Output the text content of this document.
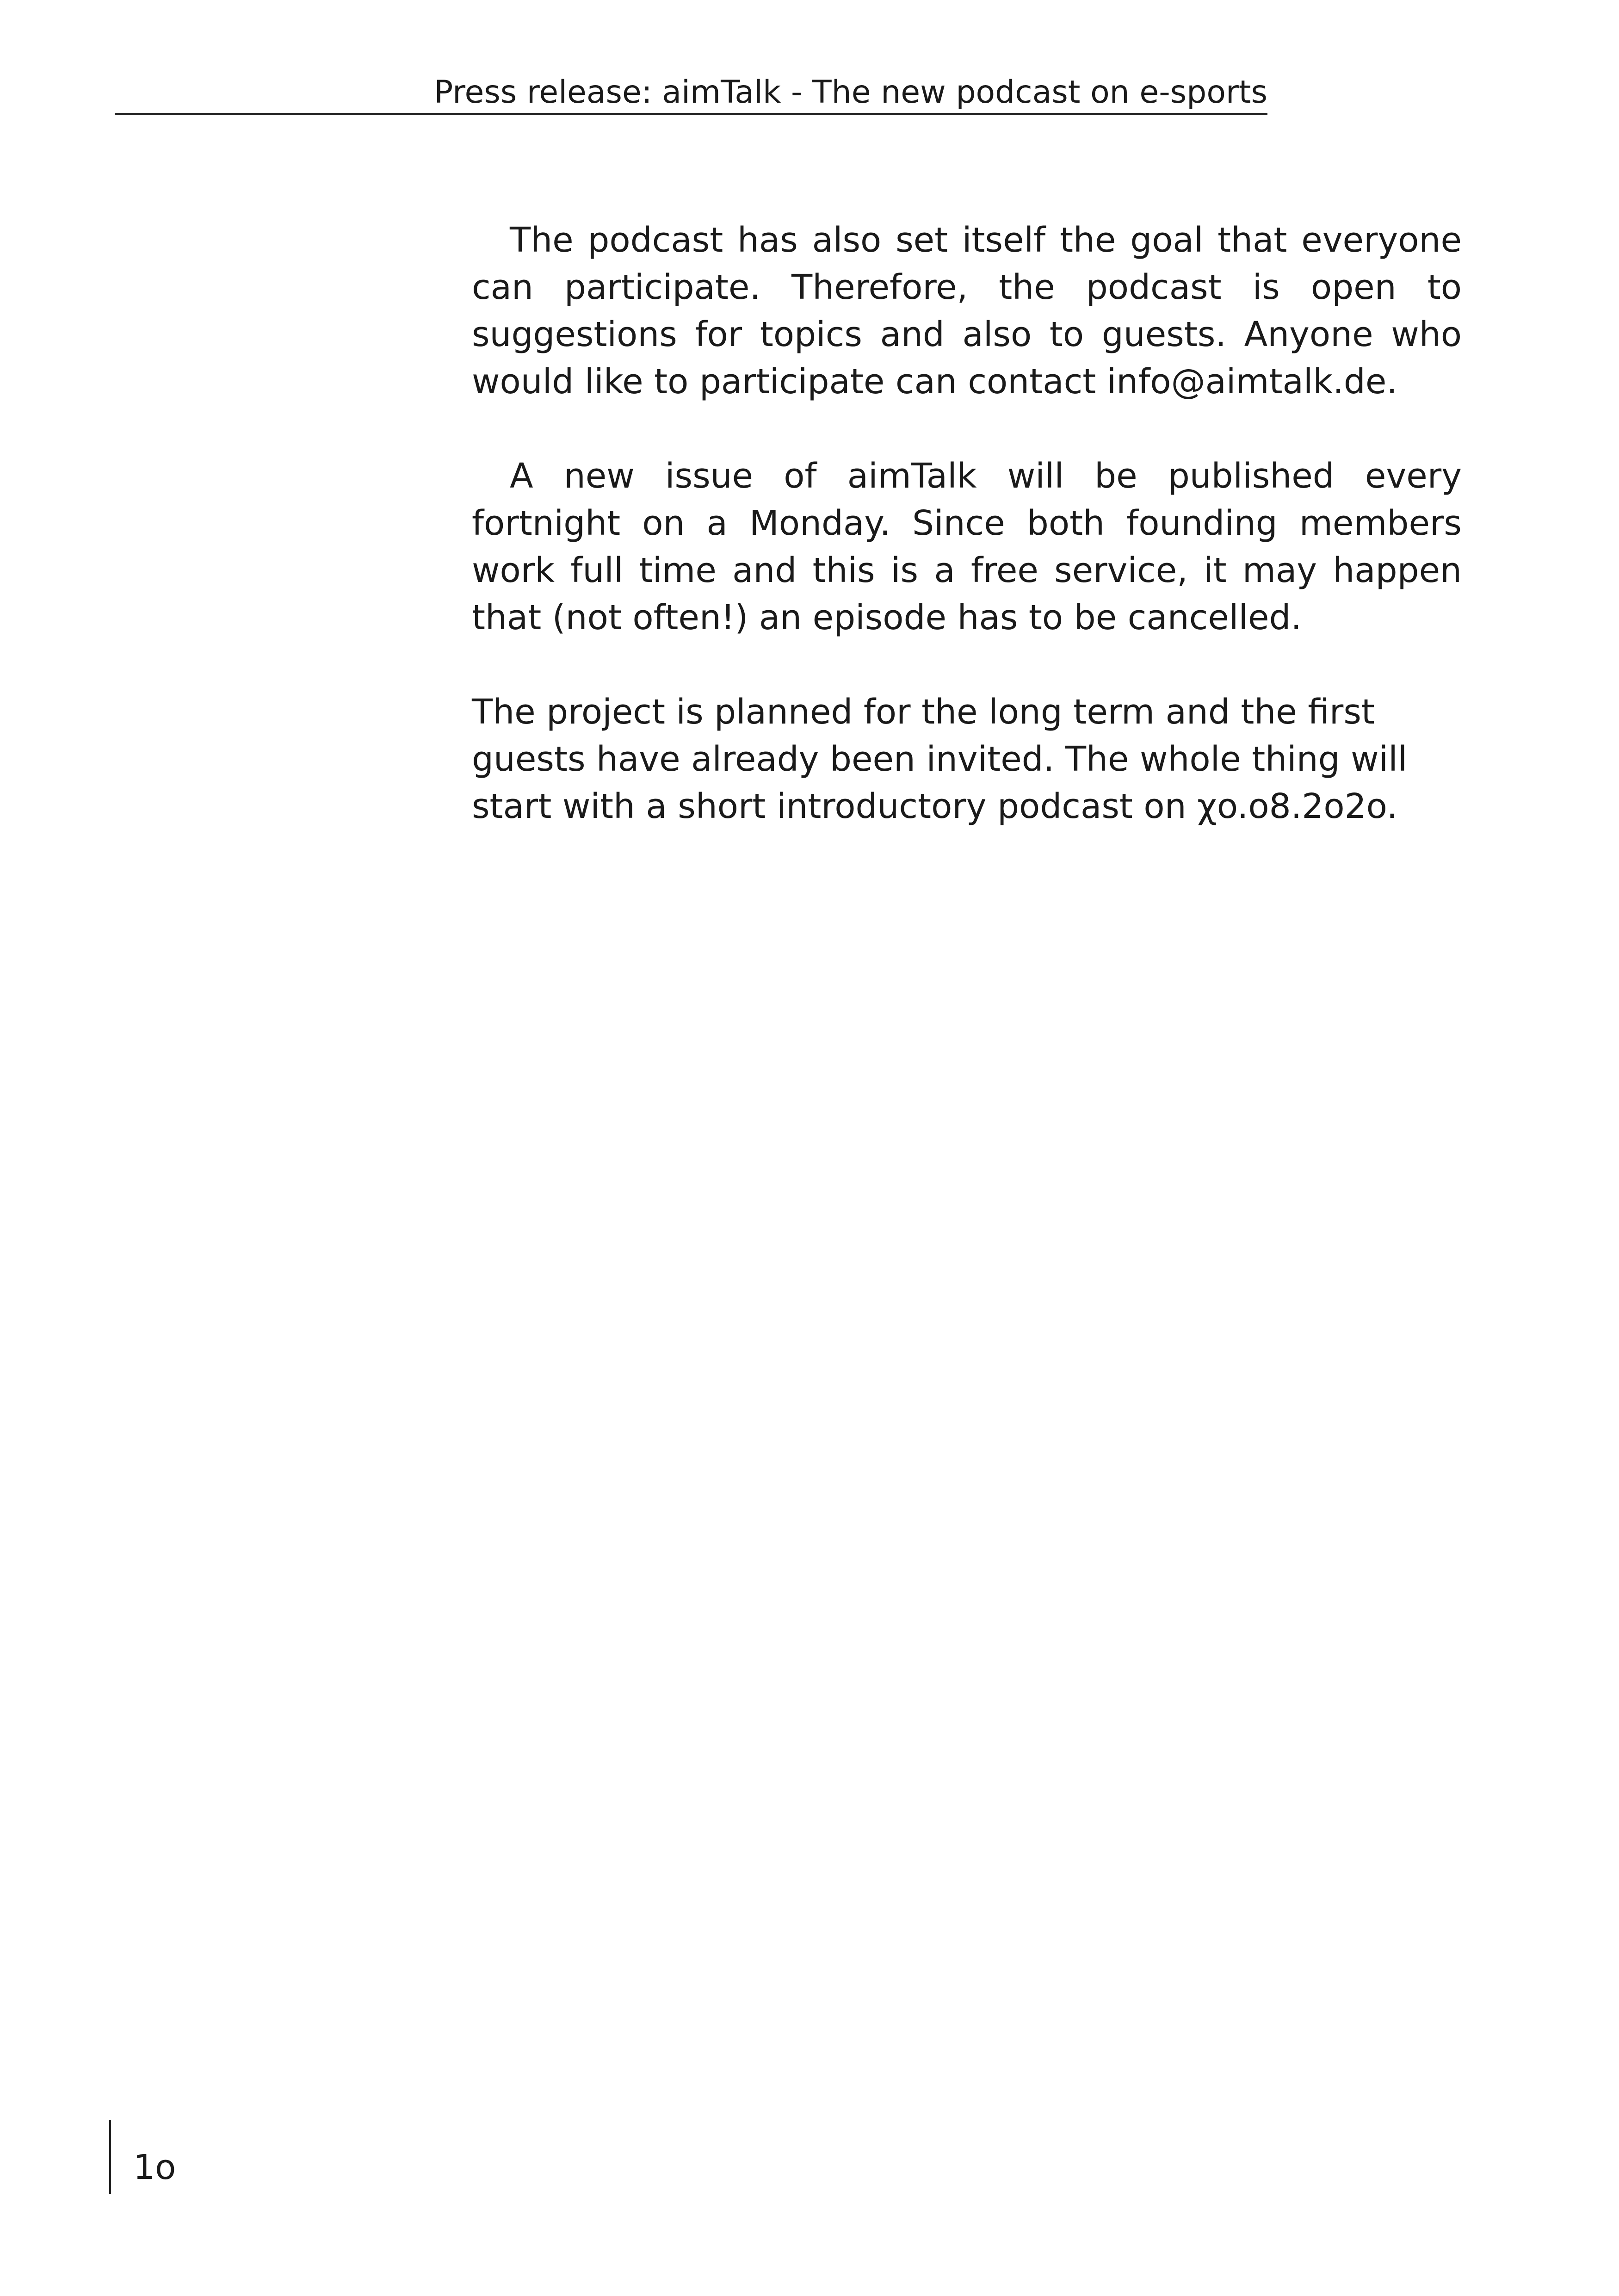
Press release: aimTalk - The new podcast on e-sports

The podcast has also set itself the goal that everyone can participate. Therefore, the podcast is open to suggestions for topics and also to guests. Anyone who would like to participate can contact info@aimtalk.de.

A new issue of aimTalk will be published every fortnight on a Monday. Since both founding members work full time and this is a free service, it may happen that (not often!) an episode has to be cancelled.

The project is planned for the long term and the first guests have already been invited. The whole thing will start with a short introductory podcast on χo.o8.2o2o.

1o
